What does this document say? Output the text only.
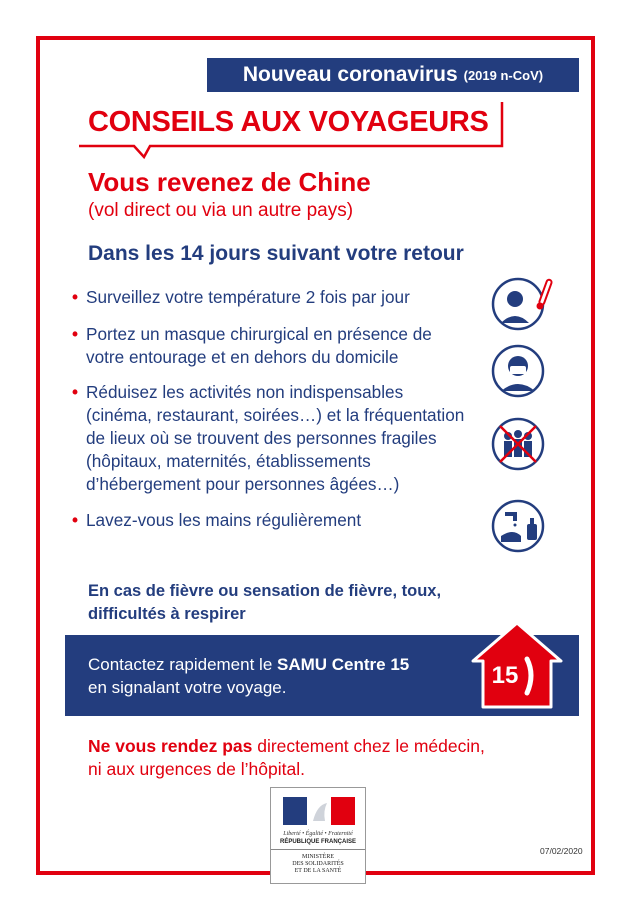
Nouveau coronavirus (2019 n-CoV)
CONSEILS AUX VOYAGEURS
Vous revenez de Chine
(vol direct ou via un autre pays)
Dans les 14 jours suivant votre retour
• Surveillez votre température 2 fois par jour
• Portez un masque chirurgical en présence de votre entourage et en dehors du domicile
• Réduisez les activités non indispensables (cinéma, restaurant, soirées…) et la fréquentation de lieux où se trouvent des personnes fragiles (hôpitaux, maternités, établissements d’hébergement pour personnes âgées…)
• Lavez-vous les mains régulièrement
En cas de fièvre ou sensation de fièvre, toux, difficultés à respirer
Contactez rapidement le SAMU Centre 15
en signalant votre voyage.	15
Ne vous rendez pas directement chez le médecin,
ni aux urgences de l’hôpital.
Liberté • Égalité • Fraternité
RÉPUBLIQUE FRANÇAISE
MINISTÈRE
DES SOLIDARITÉS
ET DE LA SANTÉ
07/02/2020
